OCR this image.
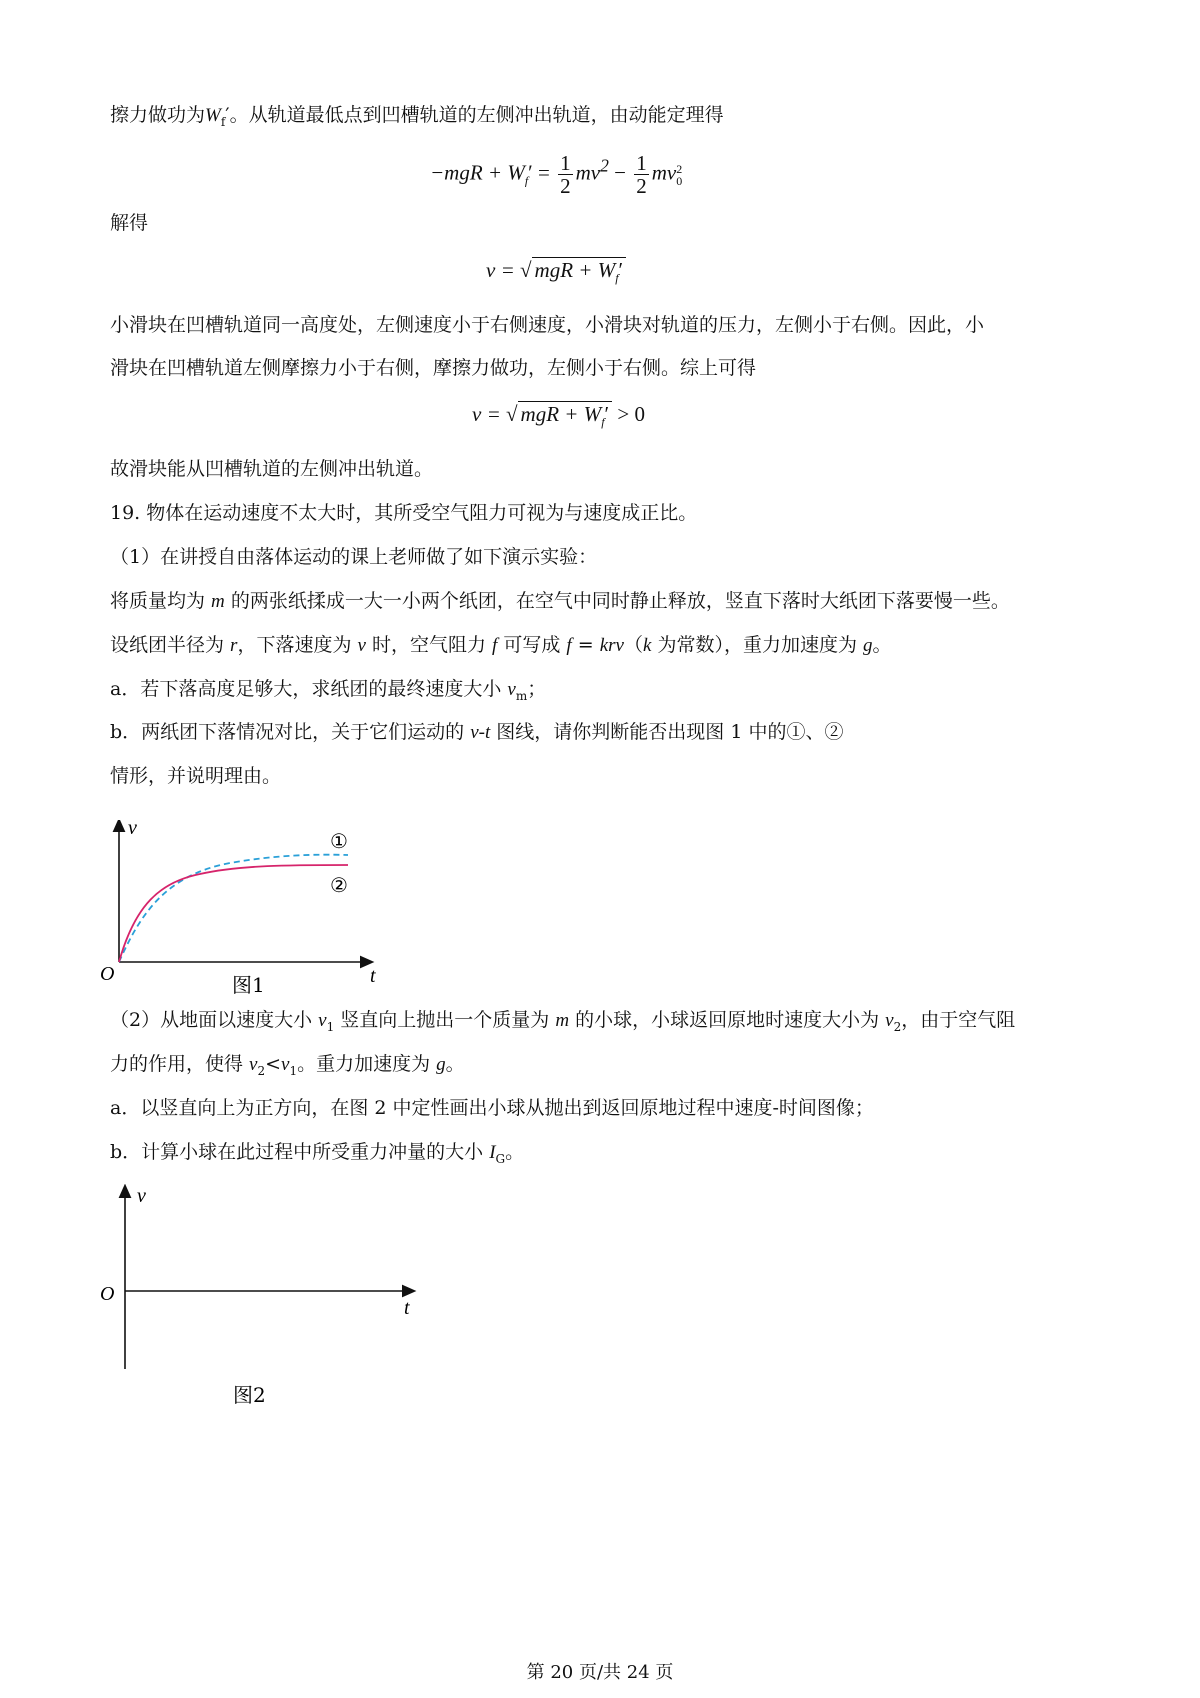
擦力做功为$W_f'$。从轨道最低点到凹槽轨道的左侧冲出轨道，由动能定理得
$-mgR + W_f' = \frac{1}{2} mv^2 - \frac{1}{2}$ mv 2
0
解得
v = √ mgR + $W_f'$
小滑块在凹槽轨道同一高度处，左侧速度小于右侧速度，小滑块对轨道的压力，左侧小于右侧。因此，小
滑块在凹槽轨道左侧摩擦力小于右侧，摩擦力做功，左侧小于右侧。综上可得
v = √ mgR + $W_f' > 0$
故滑块能从凹槽轨道的左侧冲出轨道。
19. 物体在运动速度不太大时，其所受空气阻力可视为与速度成正比。
（1）在讲授自由落体运动的课上老师做了如下演示实验：
将质量均为 m 的两张纸揉成一大一小两个纸团，在空气中同时静止释放，竖直下落时大纸团下落要慢一些。
设纸团半径为 r，下落速度为 v 时，空气阻力 f 可写成 f = krv（k 为常数），重力加速度为 g。
a．若下落高度足够大，求纸团的最终速度大小 $v_m$；
b．两纸团下落情况对比，关于它们运动的 v-t 图线，请你判断能否出现图 1 中的①、②
情形，并说明理由。
v
t
O
①
②
图1
（2）从地面以速度大小 $v_1$ 竖直向上抛出一个质量为 m 的小球，小球返回原地时速度大小为 $v_2$，由于空气阻
力的作用，使得 $v_2<v_1$。重力加速度为 g。
a．以竖直向上为正方向，在图 2 中定性画出小球从抛出到返回原地过程中速度-时间图像；
b．计算小球在此过程中所受重力冲量的大小 $I_G$。
v
t
O
图2
第 20 页/共 24 页
